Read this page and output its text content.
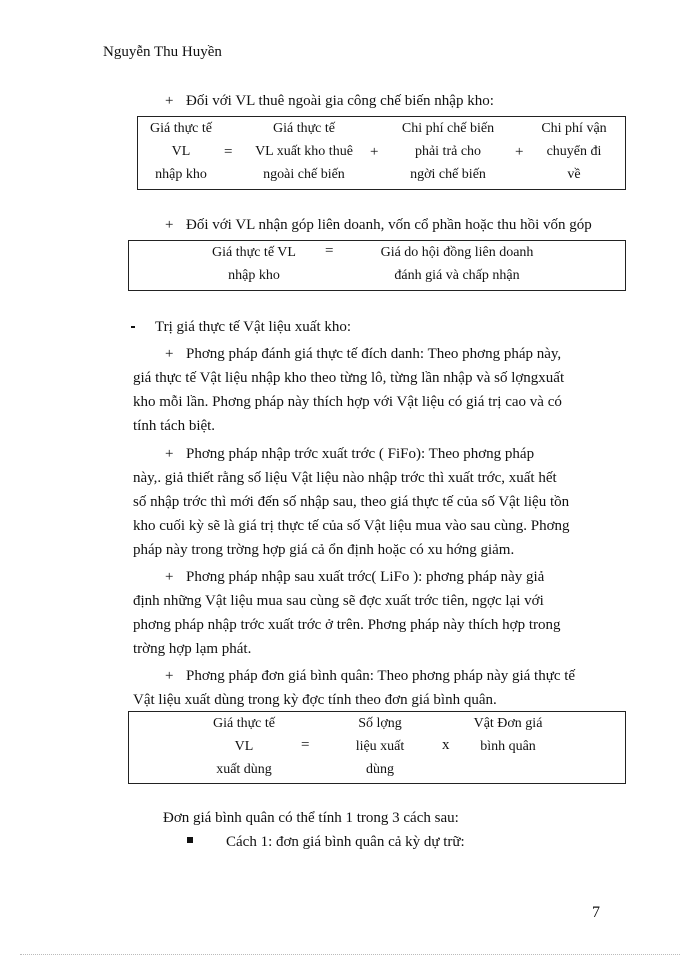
Nguyễn Thu Huyền
+ Đối với VL thuê ngoài gia công chế biến nhập kho:
Giá thực tế
VL
nhập kho
=
Giá thực tế
VL xuất kho thuê
ngoài chế biến
+
Chi phí chế biến
phải trả cho
ngời chế biến
+
Chi phí vận
chuyển đi
về
+ Đối với VL nhận góp liên doanh, vốn cổ phần hoặc thu hồi vốn góp
Giá thực tế VL
nhập kho
=	Giá do hội đồng liên doanh
đánh giá và chấp nhận
Trị giá thực tế Vật liệu xuất kho:
+ Phơng pháp đánh giá thực tế đích danh: Theo phơng pháp này,
giá thực tế Vật liệu nhập kho theo từng lô, từng lần nhập và số lợngxuất
kho mỗi lần. Phơng pháp này thích hợp với Vật liệu có giá trị cao và có
tính tách biệt.
+ Phơng pháp nhập trớc xuất trớc ( FiFo): Theo phơng pháp
này,. giả thiết rằng số liệu Vật liệu nào nhập trớc thì xuất trớc, xuất hết
số nhập trớc thì mới đến số nhập sau, theo giá thực tế của số Vật liệu tồn
kho cuối kỳ sẽ là giá trị thực tế của số Vật liệu mua vào sau cùng. Phơng
pháp này trong trờng hợp giá cả ổn định hoặc có xu hớng giảm.
+ Phơng pháp nhập sau xuất trớc( LiFo ): phơng pháp này giả
định những Vật liệu mua sau cùng sẽ đợc xuất trớc tiên, ngợc lại với
phơng pháp nhập trớc xuất trớc ở trên. Phơng pháp này thích hợp trong
trờng hợp lạm phát.
+ Phơng pháp đơn giá bình quân: Theo phơng pháp này giá thực tế
Vật liệu xuất dùng trong kỳ đợc tính theo đơn giá bình quân.
Giá thực tế
VL
xuất dùng
=
Số lợng
liệu xuất
dùng
x
Vật Đơn giá
bình quân
Đơn giá bình quân có thể tính 1 trong 3 cách sau:
Cách 1: đơn giá bình quân cả kỳ dự trữ:
7
